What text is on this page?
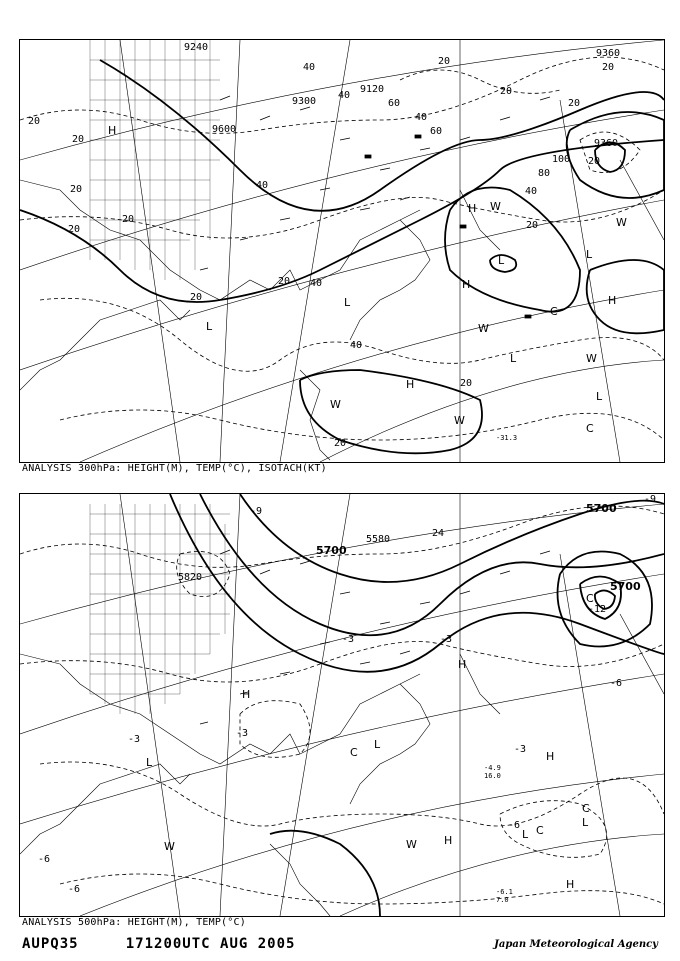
9360
9120
9300
9600
9240
9360
40
20
20
20
40
20
20
20
40
20
20
80
40
60
40
20
20
100 20
20
60
40
20
20
40
20
H
H
L
H
L
H
L
C
W
W
L	W
W
L
C
H
W
W
L
-31.3
ANALYSIS 300hPa: HEIGHT(M), TEMP(°C), ISOTACH(KT)
5700
5580
5820
5700
5700
-9
-9
24
-3
-3
-3
-3
-3
-6
-12
-6
-6
-6
H
L
C
L
C
W	W H
H
L C
C
L
H
H
-4.9
16.0
-6.1
7.0
ANALYSIS 500hPa: HEIGHT(M), TEMP(°C)
AUPQ35	171200UTC AUG 2005	Japan Meteorological Agency
